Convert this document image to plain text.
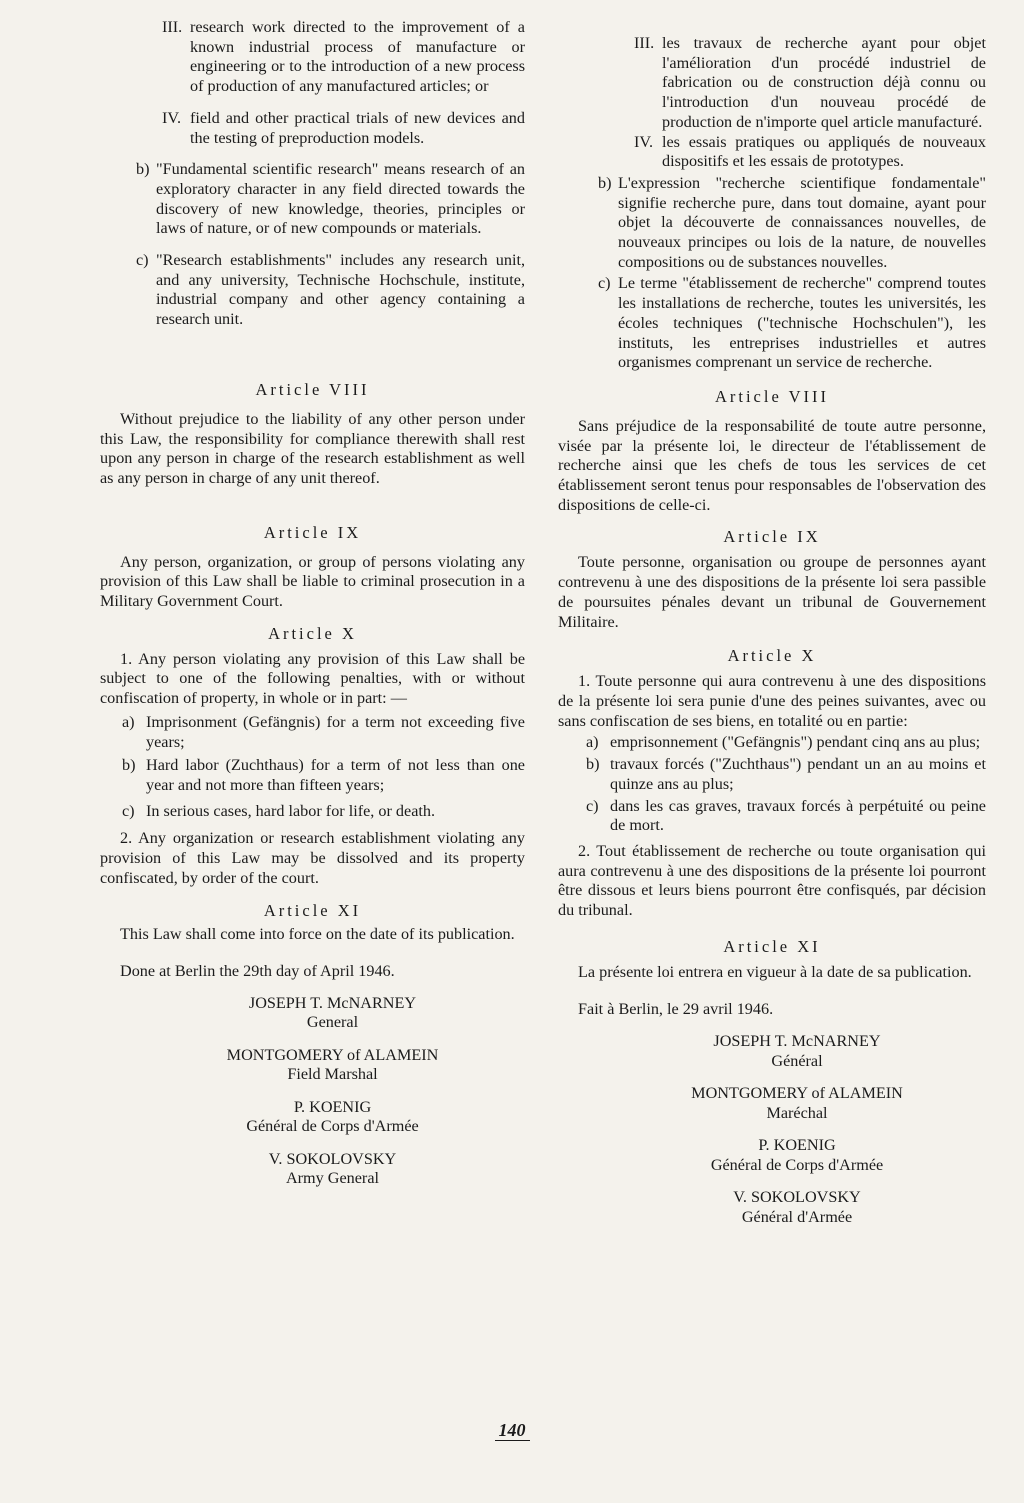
III. research work directed to the improvement of a known industrial process of manufacture or engineering or to the introduction of a new process of production of any manufactured articles; or

IV. field and other practical trials of new devices and the testing of preproduction models.

b) "Fundamental scientific research" means research of an exploratory character in any field directed towards the discovery of new knowledge, theories, principles or laws of nature, or of new compounds or materials.

c) "Research establishments" includes any research unit, and any university, Technische Hochschule, institute, industrial company and other agency containing a research unit.

Article VIII

Without prejudice to the liability of any other person under this Law, the responsibility for compliance therewith shall rest upon any person in charge of the research establishment as well as any person in charge of any unit thereof.

Article IX

Any person, organization, or group of persons violating any provision of this Law shall be liable to criminal prosecution in a Military Government Court.

Article X

1. Any person violating any provision of this Law shall be subject to one of the following penalties, with or without confiscation of property, in whole or in part: —

a) Imprisonment (Gefängnis) for a term not exceeding five years;

b) Hard labor (Zuchthaus) for a term of not less than one year and not more than fifteen years;

c) In serious cases, hard labor for life, or death.

2. Any organization or research establishment violating any provision of this Law may be dissolved and its property confiscated, by order of the court.

Article XI

This Law shall come into force on the date of its publication.

Done at Berlin the 29th day of April 1946.

JOSEPH T. McNARNEY
General
MONTGOMERY of ALAMEIN
Field Marshal
P. KOENIG
Général de Corps d'Armée
V. SOKOLOVSKY
Army General
III. les travaux de recherche ayant pour objet l'amélioration d'un procédé industriel de fabrication ou de construction déjà connu ou l'introduction d'un nouveau procédé de production de n'importe quel article manufacturé.

IV. les essais pratiques ou appliqués de nouveaux dispositifs et les essais de prototypes.

b) L'expression "recherche scientifique fondamentale" signifie recherche pure, dans tout domaine, ayant pour objet la découverte de connaissances nouvelles, de nouveaux principes ou lois de la nature, de nouvelles compositions ou de substances nouvelles.

c) Le terme "établissement de recherche" comprend toutes les installations de recherche, toutes les universités, les écoles techniques ("technische Hochschulen"), les instituts, les entreprises industrielles et autres organismes comprenant un service de recherche.

Article VIII

Sans préjudice de la responsabilité de toute autre personne, visée par la présente loi, le directeur de l'établissement de recherche ainsi que les chefs de tous les services de cet établissement seront tenus pour responsables de l'observation des dispositions de celle-ci.

Article IX

Toute personne, organisation ou groupe de personnes ayant contrevenu à une des dispositions de la présente loi sera passible de poursuites pénales devant un tribunal de Gouvernement Militaire.

Article X

1. Toute personne qui aura contrevenu à une des dispositions de la présente loi sera punie d'une des peines suivantes, avec ou sans confiscation de ses biens, en totalité ou en partie:

a) emprisonnement ("Gefängnis") pendant cinq ans au plus;

b) travaux forcés ("Zuchthaus") pendant un an au moins et quinze ans au plus;

c) dans les cas graves, travaux forcés à perpétuité ou peine de mort.

2. Tout établissement de recherche ou toute organisation qui aura contrevenu à une des dispositions de la présente loi pourront être dissous et leurs biens pourront être confisqués, par décision du tribunal.

Article XI

La présente loi entrera en vigueur à la date de sa publication.

Fait à Berlin, le 29 avril 1946.

JOSEPH T. McNARNEY
Général
MONTGOMERY of ALAMEIN
Maréchal
P. KOENIG
Général de Corps d'Armée
V. SOKOLOVSKY
Général d'Armée
140
